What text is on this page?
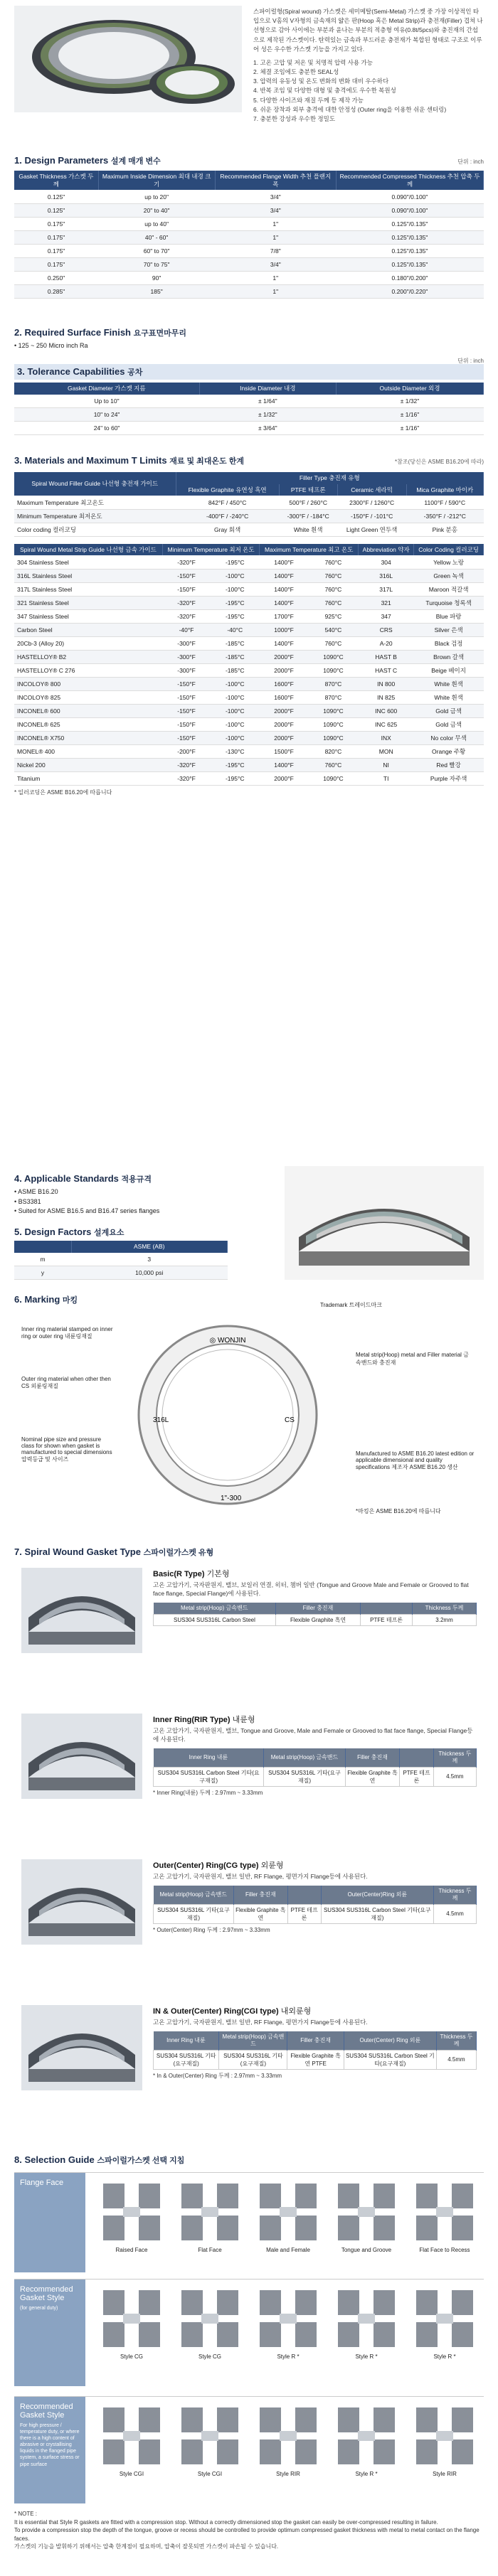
스파이럴형(Spiral wound) 가스켓은 세미메탈(Semi-Metal) 가스켓 중 가장 이상적인 타입으로 V홈의 V자형의 금속재의 얇은 판(Hoop 혹은 Metal Strip)과 충전재(Filler) 겹쳐 나선형으로 감아 사이에는 부분과 윤나는 부분의 적층형 여유(0.8t/5pcs)와 충진재의 간섭으로 제작된 가스켓이다. 탄력있는 금속과 부드러운 충전재가 복합된 형태로 구조로 이루어 성은 우수한 가스켓 기능을 가지고 있다.

1. 고온 고압 및 저온 및 치명적 압력 사용 가능
2. 체결 조임에도 충분한 SEAL성
3. 압력의 유동성 및 온도 변화의 변화 대비 우수하다
4. 반복 조임 및 다양한 대형 및 충격에도 우수한 복원성
5. 다양한 사이즈와 재질 두께 등 제작 가능
6. 쉬운 장착과 외부 충격에 대한 안정성 (Outer ring을 이용한 쉬운 센터링)
7. 충분한 강성과 우수한 정밀도
1. Design Parameters 설계 매개 변수	단위 : inch
Gasket Thickness 가스켓 두께	Maximum Inside Dimension 최대 내경 크기	Recommended Flange Width 추천 플랜지 폭	Recommended Compressed Thickness 추천 압축 두께
0.125"	up to 20"	3/4"	0.090"/0.100"
0.125"	20" to 40"	3/4"	0.090"/0.100"
0.175"	up to 40"	1"	0.125"/0.135"
0.175"	40" - 60"	1"	0.125"/0.135"
0.175"	60" to 70"	7/8"	0.125"/0.135"
0.175"	70" to 75"	3/4"	0.125"/0.135"
0.250"	90"	1"	0.180"/0.200"
0.285"	185"	1"	0.200"/0.220"
2. Required Surface Finish 요구표면마무리
• 125 ~ 250 Micro inch Ra
3. Tolerance Capabilities 공차
단위 : inch
Gasket Diameter 가스켓 지름	Inside Diameter 내경	Outside Diameter 외경
Up to 10"	± 1/64"	± 1/32"
10" to 24"	± 1/32"	± 1/16"
24" to 60"	± 3/64"	± 1/16"
3. Materials and Maximum T Limits 재료 및 최대온도 한계	*참조(당신은 ASME B16.20에 따라)
Spiral Wound Filler Guide 나선형 충전재 가이드	Filler Type 충진재 유형			
	Flexible Graphite 유연성 흑연	PTFE 테프론	Ceramic 세라믹	Mica Graphite 마이카
Maximum Temperature 최고온도	842°F / 450°C	500°F / 260°C	2300°F / 1260°C	1100°F / 590°C
Minimum Temperature 최저온도	-400°F / -240°C	-300°F / -184°C	-150°F / -101°C	-350°F / -212°C
Color coding 컬러코딩	Gray 회색	White 흰색	Light Green 연두색	Pink 분홍
Spiral Wound Metal Strip Guide 나선형 금속 가이드	Minimum Temperature 최저 온도		Maximum Temperature 최고 온도		Abbreviation 약자	Color Coding 컬러코딩
304 Stainless Steel	-320°F	-195°C	1400°F	760°C	304	Yellow 노랑
316L Stainless Steel	-150°F	-100°C	1400°F	760°C	316L	Green 녹색
317L Stainless Steel	-150°F	-100°C	1400°F	760°C	317L	Maroon 적갈색
321 Stainless Steel	-320°F	-195°C	1400°F	760°C	321	Turquoise 청록색
347 Stainless Steel	-320°F	-195°C	1700°F	925°C	347	Blue 파랑
Carbon Steel	-40°F	-40°C	1000°F	540°C	CRS	Silver 은색
20Cb-3 (Alloy 20)	-300°F	-185°C	1400°F	760°C	A-20	Black 검정
HASTELLOY® B2	-300°F	-185°C	2000°F	1090°C	HAST B	Brown 갈색
HASTELLOY® C 276	-300°F	-185°C	2000°F	1090°C	HAST C	Beige 베이지
INCOLOY® 800	-150°F	-100°C	1600°F	870°C	IN 800	White 흰색
INCOLOY® 825	-150°F	-100°C	1600°F	870°C	IN 825	White 흰색
INCONEL® 600	-150°F	-100°C	2000°F	1090°C	INC 600	Gold 금색
INCONEL® 625	-150°F	-100°C	2000°F	1090°C	INC 625	Gold 금색
INCONEL® X750	-150°F	-100°C	2000°F	1090°C	INX	No color 무색
MONEL® 400	-200°F	-130°C	1500°F	820°C	MON	Orange 주황
Nickel 200	-320°F	-195°C	1400°F	760°C	NI	Red 빨강
Titanium	-320°F	-195°C	2000°F	1090°C	TI	Purple 자주색
* 일러코딩은 ASME B16.20에 따릅니다
4. Applicable Standards 적용규격
• ASME B16.20
• BS3381
• Suited for ASME B16.5 and B16.47 series flanges
5. Design Factors 설계요소
	ASME (AB)
m	3
y	10,000 psi
6. Marking 마킹
◎ WONJIN
316L	CS
1"-300
Trademark 트레이드마크
Inner ring material stamped on inner ring or outer ring 내륜링재질
Metal strip(Hoop) metal and Filler material 금속밴드와 충진재
Outer ring material when other then CS 외륜링재질
Nominal pipe size and pressure class for shown when gasket is manufactured to special dimensions 압력등급 및 사이즈
Manufactured to ASME B16.20 latest edition or applicable dimensional and quality specifications 제조자 ASME B16.20 생산
*마킹은 ASME B16.20에 따릅니다
7. Spiral Wound Gasket Type 스파이럴가스켓 유형
Basic(R Type) 기본형
고온 고압가기, 국자판원지, 밸브, 보일러 연결, 히터, 챔버 일반 (Tongue and Groove Male and Female or Grooved to flat face flange, Special Flange)에 사용된다.
Metal strip(Hoop) 금속밴드	Filler 충진재		Thickness 두께
SUS304 SUS316L Carbon Steel	Flexible Graphite 흑연	PTFE 테프론	3.2mm
Inner Ring(RIR Type) 내륜형
고온 고압가기, 국자판원지, 밸브, Tongue and Groove, Male and Female or Grooved to flat face flange, Special Flange등에 사용된다.
Inner Ring 내륜	Metal strip(Hoop) 금속밴드	Filler 충진재		Thickness 두께
SUS304 SUS316L Carbon Steel 기타(요구재질)	SUS304 SUS316L 기타(요구재질)	Flexible Graphite 흑연	PTFE 테프론	4.5mm
* Inner Ring(내륜) 두께 : 2.97mm ~ 3.33mm
Outer(Center) Ring(CG type) 외륜형
고온 고압가기, 국자판원지, 밸브 일반, RF Flange, 평면가지 Flange등에 사용된다.
Metal strip(Hoop) 금속밴드	Filler 충진재		Outer(Center)Ring 외륜	Thickness 두께
SUS304 SUS316L 기타(요구재질)	Flexible Graphite 흑연	PTFE 테프론	SUS304 SUS316L Carbon Steel 기타(요구재질)	4.5mm
* Outer(Center) Ring 두께 : 2.97mm ~ 3.33mm
IN & Outer(Center) Ring(CGI type) 내외륜형
고온 고압가기, 국자판원지, 밸브 일반, RF Flange, 평면가지 Flange등에 사용된다.
Inner Ring 내륜	Metal strip(Hoop) 금속밴드	Filler 충진재	Outer(Center) Ring 외륜	Thickness 두께
SUS304 SUS316L 기타(요구재질)	SUS304 SUS316L 기타(요구재질)	Flexible Graphite 흑연 PTFE	SUS304 SUS316L Carbon Steel 기타(요구재질)	4.5mm
* In & Outer(Center) Ring 두께 : 2.97mm ~ 3.33mm
8. Selection Guide 스파이럴가스켓 선택 지침
Flange Face
Raised Face	Flat Face	Male and Female	Tongue and Groove	Flat Face to Recess
Recommended Gasket Style
(for general duty)
Style CG	Style CG	Style R *	Style R *	Style R *
Recommended Gasket Style
For high pressure / temperature duty, or where there is a high content of abrasive or crystallising liquids in the flanged pipe system, a surface stress or pipe surface
Style CGI	Style CGI	Style RIR	Style R *	Style RIR
* NOTE :
It is essential that Style R gaskets are fitted with a compression stop. Without a correctly dimensioned stop the gasket can easily be over-compressed resulting in failure.
To provide a compression stop the depth of the tongue, groove or recess should be controlled to provide optimum compressed gasket thickness with metal to metal contact on the flange faces.
가스켓의 기능을 발휘하기 위해서는 압축 한계점이 필요하며, 압축이 잘못되면 가스켓이 파손될 수 있습니다.
